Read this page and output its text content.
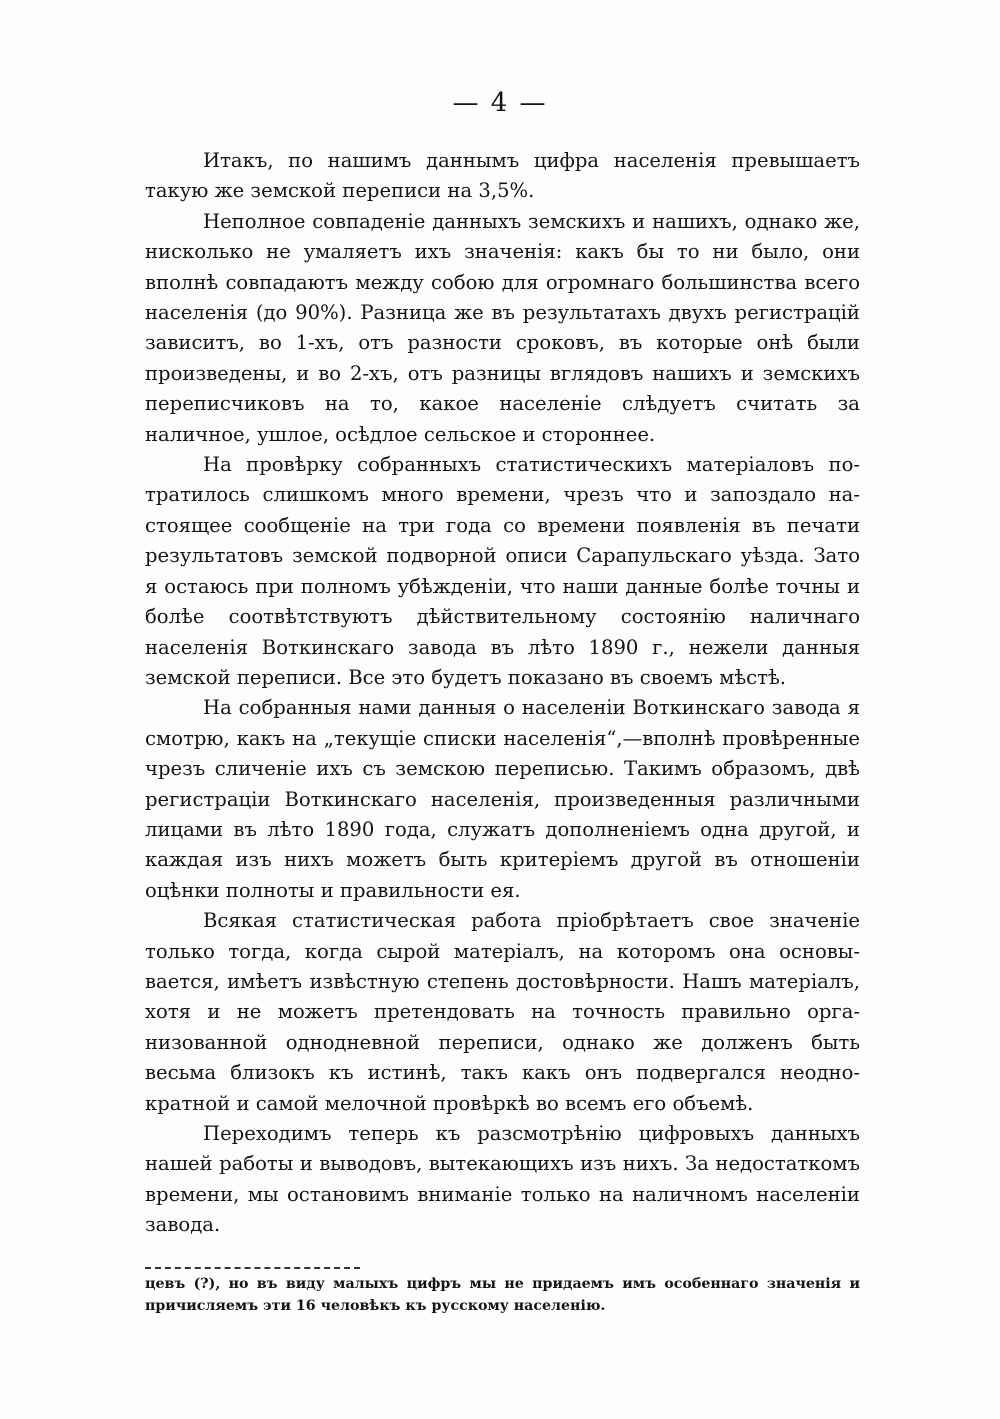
— 4 —

Итакъ, по нашимъ даннымъ цифра населенія превышаетъ такую же земской переписи на 3,5%.

Неполное совпаденіе данныхъ земскихъ и нашихъ, однако же, нисколько не умаляетъ ихъ значенія: какъ бы то ни было, они вполнѣ совпадаютъ между собою для огромнаго большинства всего населенія (до 90%). Разница же въ результатахъ двухъ регистрацій зависитъ, во 1-хъ, отъ разности сроковъ, въ которые онѣ были произведены, и во 2-хъ, отъ разницы вглядовъ нашихъ и земскихъ переписчиковъ на то, какое населеніе слѣдуетъ считать за наличное, ушлое, осѣдлое сельское и стороннее.

На провѣрку собранныхъ статистическихъ матеріаловъ потратилось слишкомъ много времени, чрезъ что и запоздало настоящее сообщеніе на три года со времени появленія въ печати результатовъ земской подворной описи Сарапульскаго уѣзда. Зато я остаюсь при полномъ убѣжденіи, что наши данные болѣе точны и болѣе соотвѣтствуютъ дѣйствительному состоянію наличнаго населенія Воткинскаго завода въ лѣто 1890 г., нежели данныя земской переписи. Все это будетъ показано въ своемъ мѣстѣ.

На собранныя нами данныя о населеніи Воткинскаго завода я смотрю, какъ на „текущіе списки населенія“,—вполнѣ провѣренные чрезъ сличеніе ихъ съ земскою переписью. Такимъ образомъ, двѣ регистраціи Воткинскаго населенія, произведенныя различными лицами въ лѣто 1890 года, служатъ дополненіемъ одна другой, и каждая изъ нихъ можетъ быть критеріемъ другой въ отношеніи оцѣнки полноты и правильности ея.

Всякая статистическая работа пріобрѣтаетъ свое значеніе только тогда, когда сырой матеріалъ, на которомъ она основывается, имѣетъ извѣстную степень достовѣрности. Нашъ матеріалъ, хотя и не можетъ претендовать на точность правильно организованной однодневной переписи, однако же долженъ быть весьма близокъ къ истинѣ, такъ какъ онъ подвергался неоднократной и самой мелочной провѣркѣ во всемъ его объемѣ.

Переходимъ теперь къ разсмотрѣнію цифровыхъ данныхъ нашей работы и выводовъ, вытекающихъ изъ нихъ. За недостаткомъ времени, мы остановимъ вниманіе только на наличномъ населеніи завода.

цевъ (?), но въ виду малыхъ цифръ мы не придаемъ имъ особеннаго значенія и причисляемъ эти 16 человѣкъ къ русскому населенію.
